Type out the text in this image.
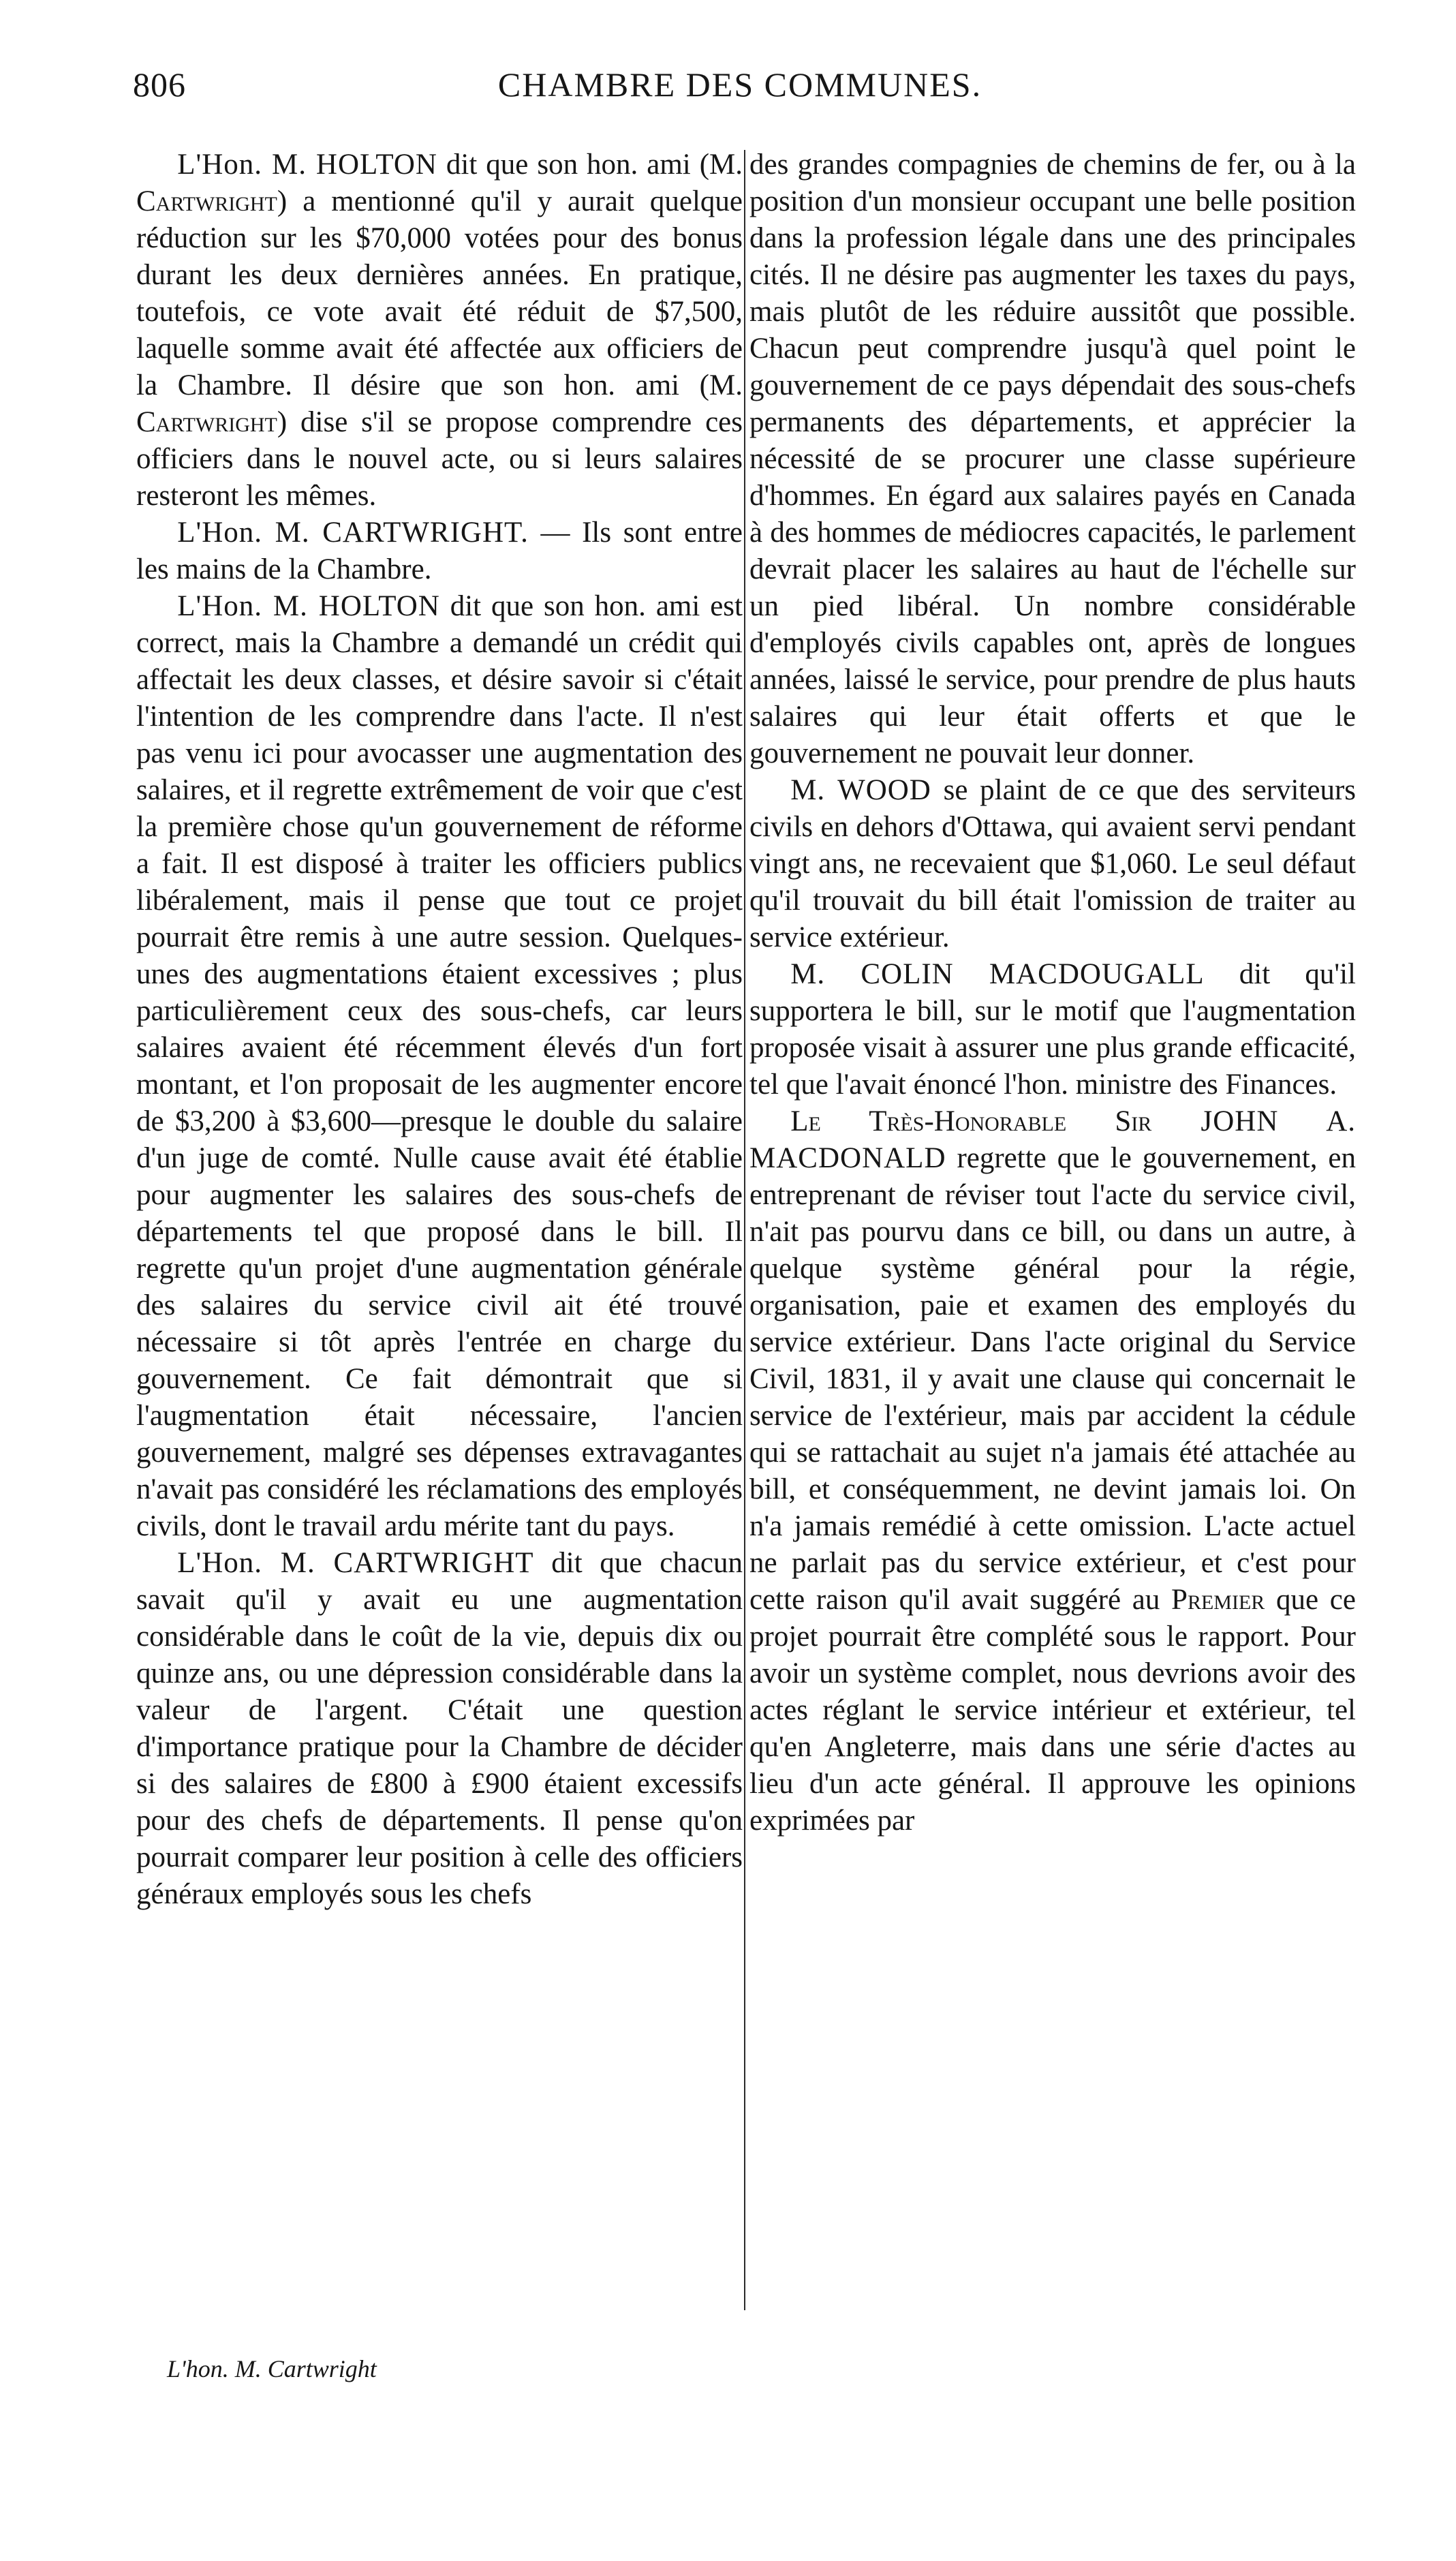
806	CHAMBRE DES COMMUNES.

L'Hon. M. HOLTON dit que son hon. ami (M. Cartwright) a mentionné qu'il y aurait quelque réduction sur les $70,000 votées pour des bonus durant les deux dernières années. En pratique, toutefois, ce vote avait été réduit de $7,500, laquelle somme avait été affectée aux officiers de la Chambre. Il désire que son hon. ami (M. Cartwright) dise s'il se propose comprendre ces officiers dans le nouvel acte, ou si leurs salaires resteront les mêmes.

L'Hon. M. CARTWRIGHT. — Ils sont entre les mains de la Chambre.

L'Hon. M. HOLTON dit que son hon. ami est correct, mais la Chambre a demandé un crédit qui affectait les deux classes, et désire savoir si c'était l'intention de les comprendre dans l'acte. Il n'est pas venu ici pour avocasser une augmentation des salaires, et il regrette extrêmement de voir que c'est la première chose qu'un gouvernement de réforme a fait. Il est disposé à traiter les officiers publics libéralement, mais il pense que tout ce projet pourrait être remis à une autre session. Quelques-unes des augmentations étaient excessives ; plus particulièrement ceux des sous-chefs, car leurs salaires avaient été récemment élevés d'un fort montant, et l'on proposait de les augmenter encore de $3,200 à $3,600—presque le double du salaire d'un juge de comté. Nulle cause avait été établie pour augmenter les salaires des sous-chefs de départements tel que proposé dans le bill. Il regrette qu'un projet d'une augmentation générale des salaires du service civil ait été trouvé nécessaire si tôt après l'entrée en charge du gouvernement. Ce fait démontrait que si l'augmentation était nécessaire, l'ancien gouvernement, malgré ses dépenses extravagantes n'avait pas considéré les réclamations des employés civils, dont le travail ardu mérite tant du pays.

L'Hon. M. CARTWRIGHT dit que chacun savait qu'il y avait eu une augmentation considérable dans le coût de la vie, depuis dix ou quinze ans, ou une dépression considérable dans la valeur de l'argent. C'était une question d'importance pratique pour la Chambre de décider si des salaires de £800 à £900 étaient excessifs pour des chefs de départements. Il pense qu'on pourrait comparer leur position à celle des officiers généraux employés sous les chefs

des grandes compagnies de chemins de fer, ou à la position d'un monsieur occupant une belle position dans la profession légale dans une des principales cités. Il ne désire pas augmenter les taxes du pays, mais plutôt de les réduire aussitôt que possible. Chacun peut comprendre jusqu'à quel point le gouvernement de ce pays dépendait des sous-chefs permanents des départements, et apprécier la nécessité de se procurer une classe supérieure d'hommes. En égard aux salaires payés en Canada à des hommes de médiocres capacités, le parlement devrait placer les salaires au haut de l'échelle sur un pied libéral. Un nombre considérable d'employés civils capables ont, après de longues années, laissé le service, pour prendre de plus hauts salaires qui leur était offerts et que le gouvernement ne pouvait leur donner.

M. WOOD se plaint de ce que des serviteurs civils en dehors d'Ottawa, qui avaient servi pendant vingt ans, ne recevaient que $1,060. Le seul défaut qu'il trouvait du bill était l'omission de traiter au service extérieur.

M. COLIN MACDOUGALL dit qu'il supportera le bill, sur le motif que l'augmentation proposée visait à assurer une plus grande efficacité, tel que l'avait énoncé l'hon. ministre des Finances.

Le Très-Honorable Sir JOHN A. MACDONALD regrette que le gouvernement, en entreprenant de réviser tout l'acte du service civil, n'ait pas pourvu dans ce bill, ou dans un autre, à quelque système général pour la régie, organisation, paie et examen des employés du service extérieur. Dans l'acte original du Service Civil, 1831, il y avait une clause qui concernait le service de l'extérieur, mais par accident la cédule qui se rattachait au sujet n'a jamais été attachée au bill, et conséquemment, ne devint jamais loi. On n'a jamais remédié à cette omission. L'acte actuel ne parlait pas du service extérieur, et c'est pour cette raison qu'il avait suggéré au Premier que ce projet pourrait être complété sous le rapport. Pour avoir un système complet, nous devrions avoir des actes réglant le service intérieur et extérieur, tel qu'en Angleterre, mais dans une série d'actes au lieu d'un acte général. Il approuve les opinions exprimées par

L'hon. M. Cartwright
